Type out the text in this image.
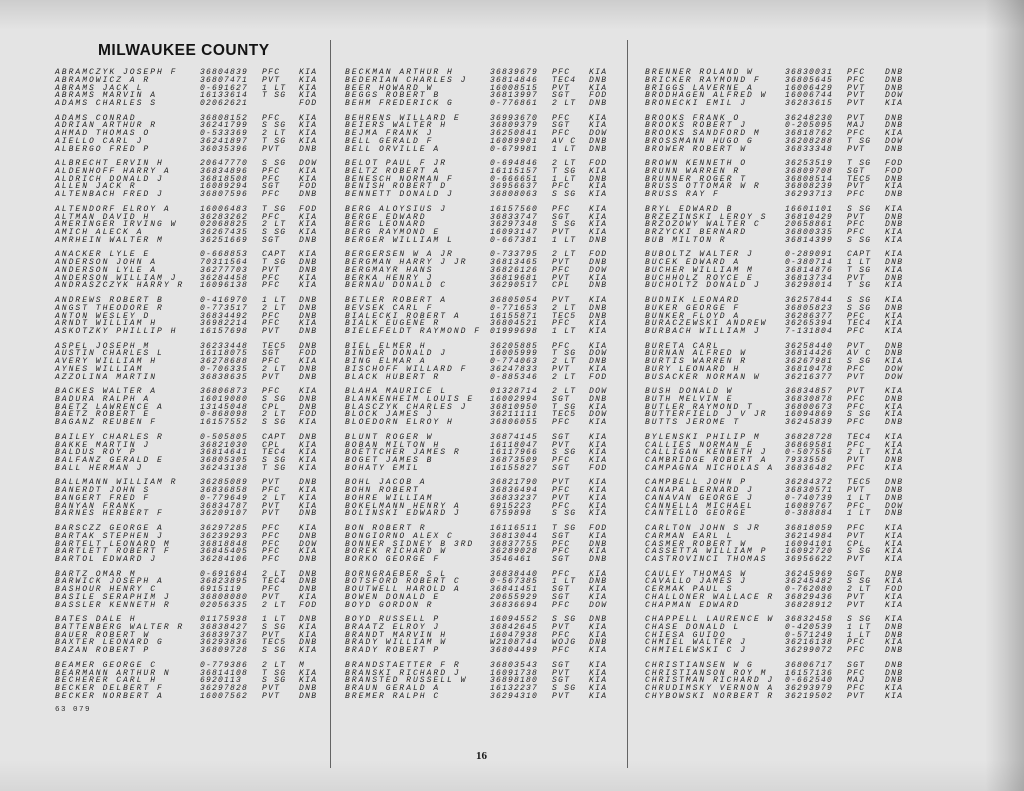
MILWAUKEE COUNTY
ABRAMCZYK JOSEPH F	36804839 PFC KIA
ABRAMOWICZ A R	36807471 PVT KIA
ABRAMS JACK L	0-691627 1 LT KIA
ABRAMS MARVIN A	16133614 T SG KIA
ADAMS CHARLES S	02062621	FOD
ADAMS CONRAD	36808152 PFC KIA
ADRIAN ARTHUR R	36241799 S SG KIA
AHMAD THOMAS O	0-533369 2 LT KIA
AIELLO CARL J	36241897 T SG KIA
ALBERGO FRED P	36035396 PVT DNB
ALBRECHT ERVIN H	20647770 S SG DOW
ALDENHOFF HARRY A	36834896 PFC KIA
ALDRICH DONALD J	36818508 PFC KIA
ALLEN JACK R	16089294 SGT FOD
ALTENBACH FRED J	36807596 PFC DNB
ALTENDORF ELROY A	16006483 T SG FOD
ALTMAN DAVID H	36283262 PFC KIA
AMERINGER IRVING W	02068825 2 LT KIA
AMICH ALECK A	36267435 S SG KIA
AMRHEIN WALTER M	36251669 SGT DNB
ANACKER LYLE E	0-668853 CAPT KIA
ANDERSON JOHN A	70311564 T SG DNB
ANDERSON LYLE A	36277703 PVT DNB
ANDERSON WILLIAM J	36284458 PFC KIA
ANDRASZCZYK HARRY R 16096138 PFC KIA
ANDREWS ROBERT B	0-416970 1 LT DNB
ANGST THEODORE R	0-773517 2 LT DNB
ANTON WESLEY D	36834492 PFC DNB
ARNDT WILLIAM H	36982214 PFC KIA
ASKOTZKY PHILLIP H	16157698 PVT DNB
ASPEL JOSEPH M	36233448 TEC5 DNB
AUSTIN CHARLES L	16118075 SGT FOD
AVERY WILLIAM H	36278688 PFC KIA
AYNES WILLIAM	0-706335 2 LT DNB
AZZOLINA MARTIN	36838635 PVT DNB
BACKES WALTER A	36806873 PFC KIA
BADURA RALPH A	16019080 S SG DNB
BAETZ LAWRENCE A	13145048 CPL DNB
BAETZ ROBERT E	0-868098 2 LT FOD
BAGANZ REUBEN F	16157552 S SG KIA
BAILEY CHARLES R	0-505805 CAPT DNB
BAKKE MARTIN J	36821030 CPL KIA
BALDUS ROY P	36814641 TEC4 KIA
BALFANZ GERALD E	36805305 S SG KIA
BALL HERMAN J	36243138 T SG KIA
BALLMANN WILLIAM R	36285089 PVT DNB
BANERDT JOHN S	36836858 PFC KIA
BANGERT FRED F	0-779649 2 LT KIA
BANYAN FRANK	36834787 PVT KIA
BARNES HERBERT F	36209107 PVT DNB
BARSCZZ GEORGE A	36297285 PFC KIA
BARTAK STEPHEN J	36239293 PFC DNB
BARTELT LEONARD M	36818848 PFC DOW
BARTLETT ROBERT F	36845405 PFC KIA
BARTOL EDWARD J	36284106 PFC DNB
BARTZ OMAR M	0-691684 2 LT DNB
BARWICK JOSEPH A	36823895 TEC4 DNB
BASHOUR HENRY C	6915119 PFC DNB
BASILE SERAPHIM J	36808080 PVT KIA
BASSLER KENNETH R	02056335 2 LT FOD
BATES DALE H	01175938 1 LT DNB
BATTENBERG WALTER R 36838427 S SG KIA
BAUER ROBERT W	36839737 PVT KIA
BAXTER LEONARD G	36293836 TEC5 DNB
BAZAN ROBERT P	36809728 S SG KIA
BEAMER GEORGE C	0-779386 2 LT M
BEARMANN ARTHUR N	36814108 T SG KIA
BECHERER CARL H	6920113 S SG KIA
BECKER DELBERT F	36297828 PVT DNB
BECKER NORBERT A	16007562 PVT DNB
BECKMAN ARTHUR H	36839679 PFC KIA
BEDERIAN CHARLES J	36814846 TEC4 DNB
BEER HOWARD W	16008515 PVT KIA
BEGGS ROBERT B	36813997 SGT FOD
BEHM FREDERICK G	0-776861 2 LT DNB
BEHRENS WILLARD E	36993670 PFC KIA
BEIERS WALTER H	36809379 SGT KIA
BEJMA FRANK J	36250841 PFC DOW
BELL GERALD F	16089901 AV C DNB
BELL ORVILLE A	0-679981 1 LT DNB
BELOT PAUL F JR	0-694846 2 LT FOD
BELTZ ROBERT A	16115157 T SG KIA
BENESCH NORMAN F	0-666651 1 LT DNB
BENISH ROBERT D	36956637 PFC KIA
BENNETT DONALD J	36808063 S SG KIA
BERG ALOYSIUS J	16157560 PFC KIA
BERGE EDWARD	36833747 SGT KIA
BERG LEONARD	36297348 S SG KIA
BERG RAYMOND E	16093147 PVT KIA
BERGER WILLIAM L	0-667381 1 LT DNB
BERGERSEN W A JR	0-733795 2 LT FOD
BERGMAN HARRY J JR	36813465 PVT DNB
BERGMAYR HANS	36826126 PFC DOW
BERKA HENRY J	36819681 PVT KIA
BERNAU DONALD C	36290517 CPL DNB
BETLER ROBERT A	36805054 PVT KIA
BEVSEK CARL F	0-771653 2 LT DNB
BIALECKI ROBERT A	16155871 TEC5 DNB
BIALK EUGENE R	36804521 PFC KIA
BIELEFELDT RAYMOND F 01999698 1 LT KIA
BIEL ELMER H	36205885 PFC KIA
BINDER DONALD J	16005999 T SG DOW
BING ELMAR A	0-774063 2 LT DNB
BISCHOFF WILLARD F	36247833 PVT KIA
BLACK HUBERT R	0-885346 2 LT FOD
BLAHA MAURICE L	01328714 2 LT DOW
BLANKENHEIM LOUIS E 16002994 SGT DNB
BLASCZYK CHARLES J	36810950 T SG KIA
BLOCK JAMES J	36211111 TEC5 DOW
BLOEDORN ELROY H	36806055 PFC KIA
BLUNT ROGER W	36874145 SGT KIA
BOBAN MILTON H	16118047 PVT KIA
BOETTCHER JAMES R	16117966 S SG KIA
BOGET JAMES B	36873509 PFC KIA
BOHATY EMIL	16155827 SGT FOD
BOHL JACOB A	36821790 PVT KIA
BOHN ROBERT	36836494 PFC KIA
BOHRE WILLIAM	36833237 PVT KIA
BOKELMANN HENRY A	6915223 PFC KIA
BOLINSKI EDWARD J	6759898 S SG KIA
BON ROBERT R	16116511 T SG FOD
BONGIORNO ALEX C	36813044 SGT KIA
BONNER SIDNEY B 3RD 36837755 PFC DNB
BOREK RICHARD W	36289028 PFC KIA
BORKO GEORGE F	3546461 SGT DNB
BORNGRAEBER S L	36838440 PFC KIA
BOTSFORD ROBERT C	0-567385 1 LT DNB
BOUTWELL HAROLD A	36841451 SGT KIA
BOWEN DONALD E	20655929 SGT KIA
BOYD GORDON R	36836694 PFC DOW
BOYD RUSSELL P	16094552 S SG DNB
BRAATZ ELROY J	36842645 PVT KIA
BRANDT MARVIN H	16047938 PFC KIA
BRADY WILLIAM W	W2108744 WOJG DNB
BRADY ROBERT P	36804499 PFC KIA
BRANDSTAETTER F R	36803543 SGT KIA
BRANSKI RICHARD J	16091738 PVT KIA
BRANSTED RUSSELL W	36898180 SGT KIA
BRAUN GERALD A	16132237 S SG KIA
BREMER RALPH C	36294310 PVT KIA
BRENNER ROLAND W	36830031 PFC DNB
BRICKER RAYMOND F	36805645 PFC DNB
BRIGGS LAVERNE A	16006429 PVT DNB
BRODHAGEN ALFRED W 16006744 PVT DOW
BRONECKI EMIL J	36283615 PVT KIA
BROOKS FRANK O	36248230 PVT DNB
BROOKS ROBERT J	0-205095 MAJ DNB
BROOKS SANDFORD M	36818762 PFC KIA
BROSSMANN HUGO G	36208288 T SG DOW
BROWER ROBERT W	36833348 PVT DNB
BROWN KENNETH O	36253519 T SG FOD
BRUNN WARREN R	36809708 SGT FOD
BRUNNER ROGER T	36808514 TEC5 DNB
BRUSS OTTOMAR W R	36808239 PVT KIA
BRUSS RAY F	36293713 PFC DNB
BRYL EDWARD B	16601101 S SG KIA
BRZEZINSKI LEROY S 36810429 PVT DNB
BRZOZOWY WALTER C	20658861 PFC DNB
BRZYCKI BERNARD	36800335 PFC KIA
BUB MILTON R	36814399 S SG KIA
BUBOLTZ WALTER J	0-289091 CAPT KIA
BUCEK EDWARD A	0-380714 1 LT DNB
BUCHER WILLIAM M	36814876 T SG KIA
BUCHHOLZ ROYCE E	36813734 PVT DNB
BUCHOLTZ DONALD J	36298014 T SG KIA
BUDNIK LEONARD	36257844 S SG KIA
BUKER GEORGE F	36805823 S SG DNB
BUNKER FLOYD A	36286377 PFC KIA
BURACZEWSKI ANDREW 36265394 TEC4 KIA
BURBACH WILLIAM J	7-131804 PFC KIA
BURETA CARL	36258440 PVT DNB
BURNAN ALFRED W	36814426 AV C DNB
BURTIS WARREN R	36267981 S SG KIA
BURY LEONARD H	36810478 PFC DOW
BUSACKER NORMAN W	36216377 PVT DOW
BUSH DONALD W	36834857 PVT KIA
BUTH MELVIN E	36830878 PFC DNB
BUTLER RAYMOND T	36800673 PFC KIA
BUTTERFIELD J V JR 16094869 S SG KIA
BUTTS JEROME T	36245839 PFC DNB
BYLENSKI PHILIP M	36828728 TEC4 KIA
CALLIES NORMAN E	36869581 PFC KIA
CALLIGAN KENNETH J 0-507556 2 LT KIA
CAMBRIDGE ROBERT A 7933558 PVT DNB
CAMPAGNA NICHOLAS A 36836482 PFC KIA
CAMPBELL JOHN P	36284372 TEC5 DNB
CANAPA BERNARD J	36830571 PVT DNB
CANAVAN GEORGE J	0-740739 1 LT DNB
CANNELLA MICHAEL	16089767 PFC DOW
CANTELLO GEORGE	0-388884 1 LT DNB
CARLTON JOHN S JR	36818059 PFC KIA
CARMAN EARL L	36214984 PVT KIA
CASMER ROBERT W	16094101 CPL KIA
CASSETTA WILLIAM P 16092720 S SG KIA
CASTROVINCI THOMAS 36956622 PVT KIA
CAULEY THOMAS W	36245969 SGT DNB
CAVALLO JAMES J	36245482 S SG KIA
CERMAK PAUL S	0-762080 2 LT FOD
CHALLONER WALLACE R 36829436 PVT KIA
CHAPMAN EDWARD	36828912 PVT KIA
CHAPPELL LAURENCE W 36832458 S SG KIA
CHASE DONALD L	0-420539 1 LT DNB
CHIESA GUIDO	0-571249 1 LT DNB
CHMIEL WALTER J	36216138 PFC KIA
CHMIELEWSKI C J	36299072 PFC DNB
CHRISTIANSEN W G	36806717 SGT DNB
CHRISTIANSON ROY M 16157136 PFC DNB
CHRISTMAN RICHARD J 0-662540 MAJ DNB
CHRUDIMSKY VERNON A 36293979 PFC KIA
CHYBOWSKI NORBERT R 36219502 PVT KIA
63 079
16
